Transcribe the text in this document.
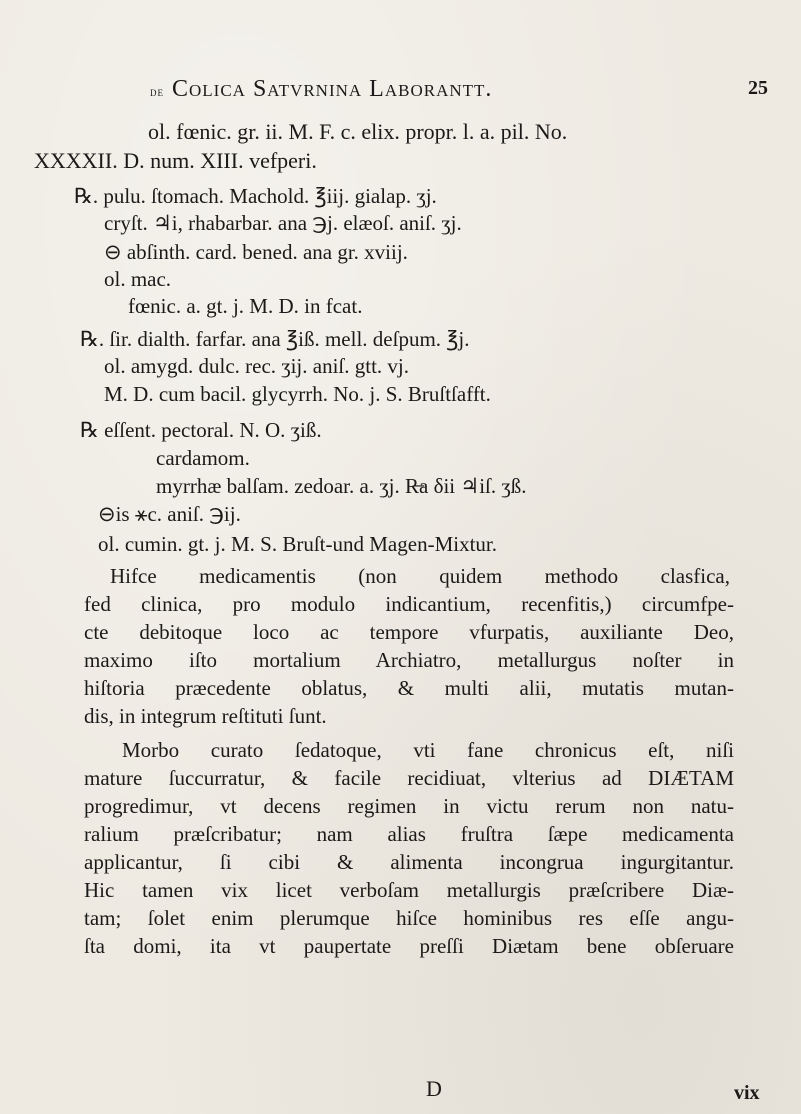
de Colica Satvrnina Laborantt.	25
ol. fœnic. gr. ii. M. F. c. elix. propr. l. a. pil. No.
XXXXII. D. num. XIII. vefperi.
℞. pulu. ſtomach. Machold. ℥iij. gialap. ʒj.
cryſt. ♃i, rhabarbar. ana ℈j. elæoſ. aniſ. ʒj.
⊖ abſinth. card. bened. ana gr. xviij.
ol. mac.
fœnic. a. gt. j. M. D. in fcat.
℞. ſir. dialth. farfar. ana ℥iß. mell. deſpum. ℥j.
ol. amygd. dulc. rec. ʒij. aniſ. gtt. vj.
M. D. cum bacil. glycyrrh. No. j. S. Bruſtſafft.
℞ eſſent. pectoral. N. O. ʒiß.
cardamom.
myrrhæ balſam. zedoar. a. ʒj. R̶a δii ♃iſ. ʒß.
⊖is ⚹c. aniſ. ℈ij.
ol. cumin. gt. j. M. S. Bruſt-und Magen-Mixtur.
Hifce medicamentis (non quidem methodo clasfica,
fed clinica, pro modulo indicantium, recenfitis,) circumfpe-
cte debitoque loco ac tempore vfurpatis, auxiliante Deo,
maximo iſto mortalium Archiatro, metallurgus noſter in
hiſtoria præcedente oblatus, & multi alii, mutatis mutan-
dis, in integrum reſtituti ſunt.
Morbo curato ſedatoque, vti fane chronicus eſt, niſi
mature ſuccurratur, & facile recidiuat, vlterius ad DIÆTAM
progredimur, vt decens regimen in victu rerum non natu-
ralium præſcribatur; nam alias fruſtra ſæpe medicamenta
applicantur, ſi cibi & alimenta incongrua ingurgitantur.
Hic tamen vix licet verboſam metallurgis præſcribere Diæ-
tam; ſolet enim plerumque hiſce hominibus res eſſe angu-
ſta domi, ita vt paupertate preſſi Diætam bene obſeruare
D	vix
